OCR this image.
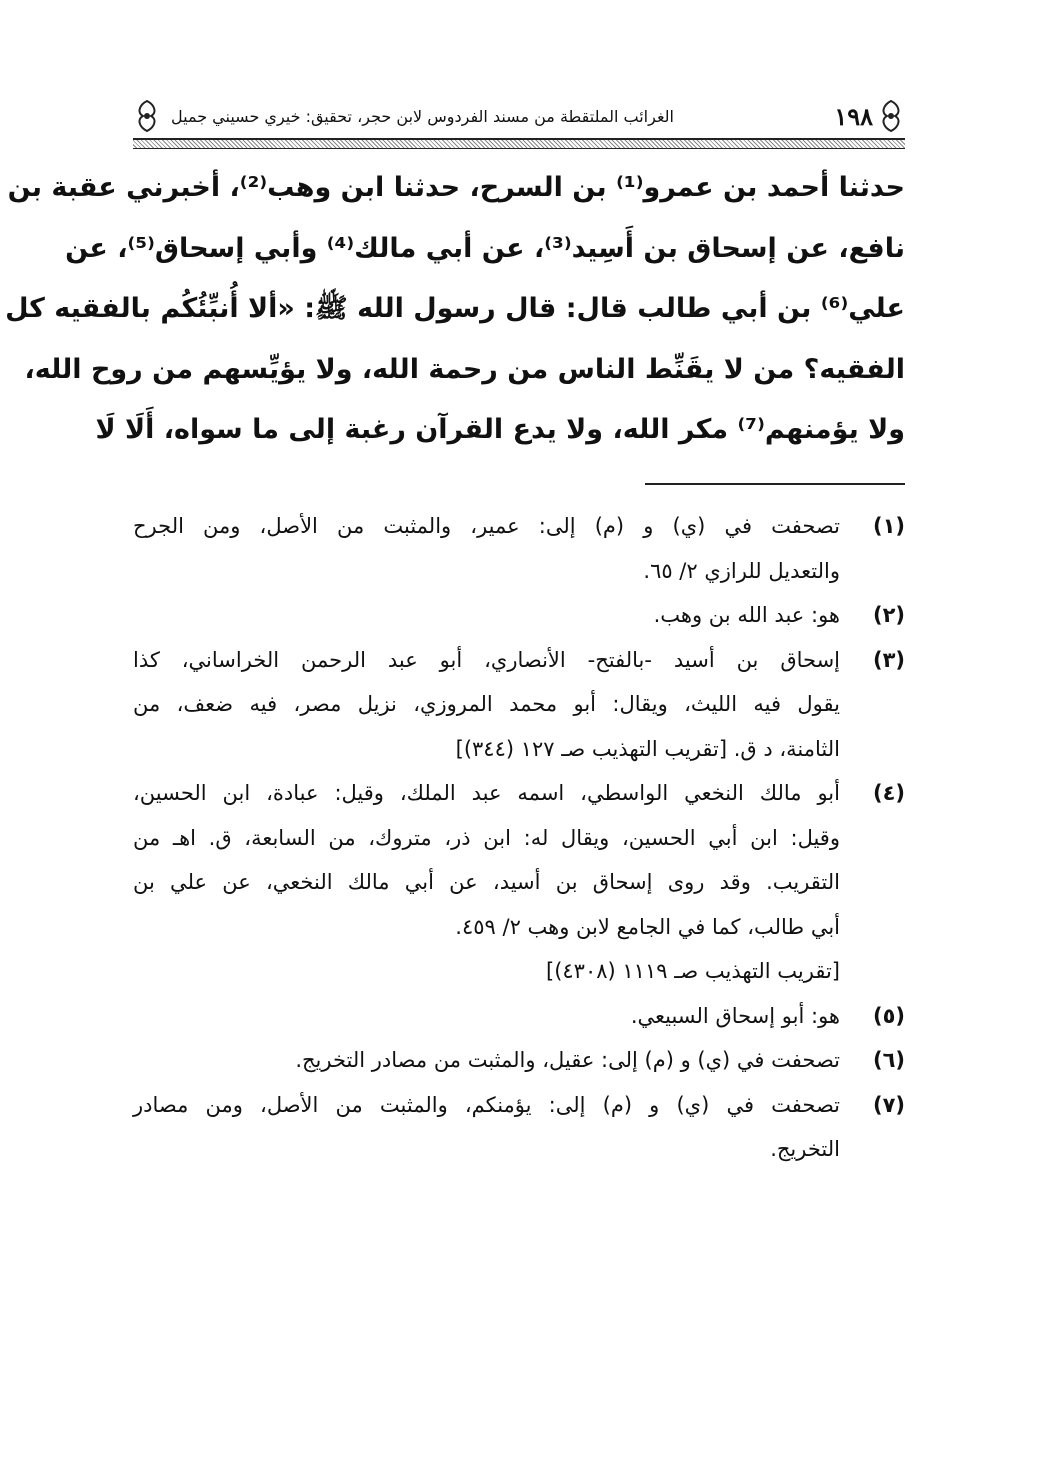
١٩٨
الغرائب الملتقطة من مسند الفردوس لابن حجر، تحقيق: خيري حسيني جميل
حدثنا أحمد بن عمرو⁽¹⁾ بن السرح، حدثنا ابن وهب⁽²⁾، أخبرني عقبة بن
نافع، عن إسحاق بن أَسِيد⁽³⁾، عن أبي مالك⁽⁴⁾ وأبي إسحاق⁽⁵⁾، عن
علي⁽⁶⁾ بن أبي طالب قال: قال رسول الله ﷺ: «ألا أُنبِّئُكُم بالفقيه كل
الفقيه؟ من لا يقَنِّط الناس من رحمة الله، ولا يؤيِّسهم من روح الله،
ولا يؤمنهم⁽⁷⁾ مكر الله، ولا يدع القرآن رغبة إلى ما سواه، أَلَا لَا
(١)
تصحفت في (ي) و (م) إلى: عمير، والمثبت من الأصل، ومن الجرح
والتعديل للرازي ٢/ ٦٥.
(٢)
هو: عبد الله بن وهب.
(٣)
إسحاق بن أسيد -بالفتح- الأنصاري، أبو عبد الرحمن الخراساني، كذا
يقول فيه الليث، ويقال: أبو محمد المروزي، نزيل مصر، فيه ضعف، من
الثامنة، د ق. [تقريب التهذيب صـ ١٢٧ (٣٤٤)]
(٤)
أبو مالك النخعي الواسطي، اسمه عبد الملك، وقيل: عبادة، ابن الحسين،
وقيل: ابن أبي الحسين، ويقال له: ابن ذر، متروك، من السابعة، ق. اهـ من
التقريب. وقد روى إسحاق بن أسيد، عن أبي مالك النخعي، عن علي بن
أبي طالب، كما في الجامع لابن وهب ٢/ ٤٥٩.
[تقريب التهذيب صـ ١١١٩ (٤٣٠٨)]
(٥)
هو: أبو إسحاق السبيعي.
(٦)
تصحفت في (ي) و (م) إلى: عقيل، والمثبت من مصادر التخريج.
(٧)
تصحفت في (ي) و (م) إلى: يؤمنكم، والمثبت من الأصل، ومن مصادر
التخريج.
